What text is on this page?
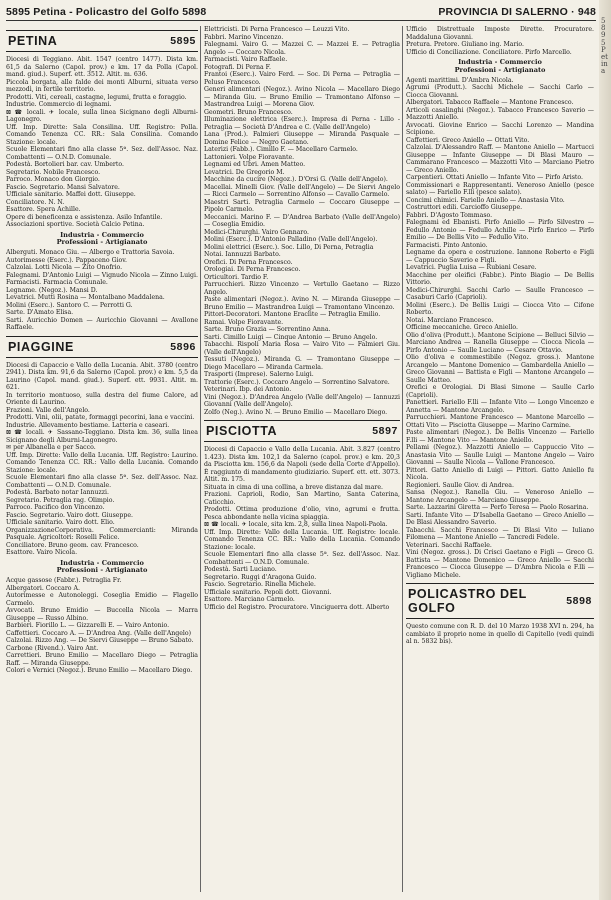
5895 Petina - Policastro del Golfo 5898	PROVINCIA DI SALERNO · 948
PETINA	5895

Diocesi di Teggiano. Abit. 1547 (centro 1477). Dista km. 61,5 da Salerno (Capol. prov.) e km. 17 da Polla (Capol. mand. giud.). Superf. ett. 3512. Altit. m. 636.
Piccola borgata, alle falde dei monti Alburni, situata verso mezzodì, in fertile territorio.
Prodotti. Viti, cereali, castagne, legumi, frutta e foraggio.
Industrie. Commercio di legnami.
⊠ ☎ locali. ✈ locale, sulla linea Sicignano degli Alburni-Lagonegro.
Uff. Imp. Dirette: Sala Consilina. Uff. Registro: Polla. Comando Tenenza CC. RR.: Sala Consilina. Comando Stazione: locale.
Scuole Elementari fino alla classe 5ª. Sez. dell'Assoc. Naz. Combattenti — O.N.D. Comunale.
Podestà. Bortolieri bar. cav. Umberto.
Segretario. Nobile Francesco.
Parroco. Monaco don Giorgio.
Fascio. Segretario. Mansi Salvatore.
Ufficiale sanitario. Maffei dott. Giuseppe.
Conciliatore. N. N.
Esattore. Spera Achille.
Opere di beneficenza e assistenza. Asilo Infantile.
Associazioni sportive. Società Calcio Petina.

Industria - Commercio
Professioni - Artigianato

Alberguti. Monaco Giu. — Albergo e Trattoria Savoia.
Autorimesse (Eserc.). Pappaceno Giov.
Calzolai. Lotti Nicola — Zito Onofrio.
Falegnami. D'Antonio Luigi — Vignudo Nicola — Zinno Luigi.
Farmacisti. Farmacia Comunale.
Legname. (Negoz.). Mansi D.
Levatrici. Mutti Rosina — Montalbano Maddalena.
Molini (Eserc.). Santoro C. — Perrotti G.
Sarte. D'Amato Elisa.
Sarti. Auricchio Domen — Auricchio Giovanni — Avallone Raffaele.

PIAGGINE	5896

Diocesi di Capaccio e Vallo della Lucania. Abit. 3780 (centro 2941). Dista km. 91,6 da Salerno (Capol. prov.) e km. 5,5 da Laurino (Capol. mand. giud.). Superf. ett. 9931. Altit. m. 621.
In territorio montuoso, sulla destra del fiume Calore, ad Oriente di Laurino.
Frazioni. Valle dell'Angelo.
Prodotti. Vini, olii, patate, formaggi pecorini, lana e vaccini.
Industrie. Allevamento bestiame. Latteria e caseari.
⊠ ☎ locali. ✈ Sassano-Teggiano. Dista km. 36, sulla linea Sicignano degli Alburni-Lagonegro.
✉ per Albanella e per Sacco.
Uff. Imp. Dirette: Vallo della Lucania. Uff. Registro: Laurino. Comando Tenenza CC. RR.: Vallo della Lucania. Comando Stazione: locale.
Scuole Elementari fino alla classe 5ª. Sez. dell'Assoc. Naz. Combattenti — O.N.D. Comunale.
Podestà. Barbato notar Iannuzzi.
Segretario. Petraglia rag. Olimpio.
Parroco. Pacifico don Vincenzo.
Fascio. Segretario. Vairo dott. Giuseppe.
Ufficiale sanitario. Vairo dott. Elio.
OrganizzazioneCorporativa. Commercianti: Miranda Pasquale. Agricoltori: Roselli Felice.
Conciliatore. Bruno geom. cav. Francesco.
Esattore. Vairo Nicola.

Industria - Commercio
Professioni - Artigianato

Acque gassose (Fabbr.). Petraglia Fr.
Albergatori. Coccaro A.
Autorimesse e Autonoleggi. Coseglia Emidio — Flagello Carmelo.
Avvocati. Bruno Emidio — Buccella Nicola — Marra Giuseppe — Russo Albino.
Barbieri. Fiorillo L. — Gizzarelli E. — Vairo Antonio.
Caffettieri. Coccaro A. — D'Andrea Ang. (Valle dell'Angelo)
Calzolai. Rizzo Ang. — De Siervi Giuseppe — Bruno Sabato.
Carbone (Rivend.). Vairo Ant.
Carrettieri. Bruno Emilio — Macellaro Diego — Petraglia Raff. — Miranda Giuseppe.
Colori e Vernici (Negoz.). Bruno Emilio — Macellaro Diego.

Elettricisti. Di Perna Francesco — Leuzzi Vito.
Fabbri. Marino Vincenzo.
Falegnami. Vairo G. — Mazzei C. — Mazzei E. — Petraglia Angelo — Coccaro Nicola.
Farmacisti. Vairo Raffaele.
Fotografi. Di Perna F.
Frantoi (Eserc.). Vairo Ferd. — Soc. Di Perna — Petraglia — Peluso Francesco.
Generi alimentari (Negoz.). Avino Nicola — Macellaro Diego — Miranda Giu. — Bruno Emilio — Tramontano Alfonso — Mastrandrea Luigi — Morena Giov.
Geometri. Bruno Francesco.
Illuminazione elettrica (Eserc.). Impresa di Perna - Lillo - Petraglia — Società D'Andrea e C. (Valle dell'Angelo)
Lana (Prod.). Falmieri Giuseppe — Miranda Pasquale — Domine Felice — Negro Gaetano.
Laterizi (Fabb.). Cimillo F. — Macellaro Carmelo.
Lattonieri. Volpe Fioravante.
Legnami ed Ubri. Amen Matteo.
Levatrici. De Gregorio M.
Macchine da cucire (Negoz.). D'Orsi G. (Valle dell'Angelo).
Macellai. Minelli Giov. (Valle dell'Angelo) — De Siervi Angelo — Ricci Carmelo — Sorrentino Alfonso — Cavallo Carmelo.
Maestri Sarti. Petraglia Carmelo — Coccaro Giuseppe — Pipolo Carmelo.
Meccanici. Marino F. — D'Andrea Barbato (Valle dell'Angelo) — Coseglia Emidio.
Medici-Chirurghi. Vairo Gennaro.
Molini (Eserc.). D'Antonio Palladino (Valle dell'Angelo).
Molini elettrici (Eserc.). Soc. Lillo, Di Perna, Petraglia
Notai. Iannuzzi Barbato.
Orefici. Di Perna Francesco.
Orologiai. Di Perna Francesco.
Orticultori. Tardio F.
Parrucchieri. Rizzo Vincenzo — Vertullo Gaetano — Rizzo Angelo.
Paste alimentari (Negoz.). Avino N. — Miranda Giuseppe — Bruno Emilio — Mastrandrea Luigi — Tramontano Vincenzo.
Pittori-Decoratori. Mantone Eraclite — Petraglia Emilio.
Ramai. Volpe Fioravante.
Sarte. Bruno Grazia — Sorrentino Anna.
Sarti. Cimillo Luigi — Cinque Antonio — Bruno Angelo.
Tabacchi. Rispoli Maria Rosa — Vairo Vito — Falmieri Giu. (Valle dell'Angelo)
Tessuti (Negoz.). Miranda G. — Tramontano Giuseppe — Diego Macellaro — Miranda Carmela.
Trasporti (Imprese). Salerno Luigi.
Trattorie (Eserc.). Coccaro Angelo — Sorrentino Salvatore.
Veterinari. Ibp. dei Antonio.
Vini (Negoz.). D'Andrea Angelo (Valle dell'Angelo) — Iannuzzi Giovanni (Valle dell'Angelo).
Zolfo (Neg.). Avino N. — Bruno Emilio — Macellaro Diego.

PISCIOTTA	5897

Diocesi di Capaccio e Vallo della Lucania. Abit. 3.827 (centro 1.423). Dista km. 102,1 da Salerno (capol. prov.) e km. 20,3 da Pisciotta km. 156,6 da Napoli (sede della Corte d'Appello). È raggiunto di mandamento giudiziario. Superf. ett. ett. 3073. Altit. m. 175.
Situata in cima di una collina, a breve distanza dal mare.
Frazioni. Caprioli, Rodio, San Martino, Santa Caterina, Caticchio.
Prodotti. Ottima produzione d'olio, vino, agrumi e frutta. Pesca abbondante nella vicina spiaggia.
⊠ ☎ locali. ✈ locale, sita km. 2,8, sulla linea Napoli-Paola.
Uff. Imp. Dirette: Vallo della Lucania. Uff. Registro: locale. Comando Tenenza CC. RR.: Vallo della Lucania. Comando Stazione: locale.
Scuole Elementari fino alla classe 5ª. Sez. dell'Assoc. Naz. Combattenti — O.N.D. Comunale.
Podestà. Sarti Luciano.
Segretario. Ruggi d'Aragona Guido.
Fascio. Segretario. Rinella Michele.
Ufficiale sanitario. Pepoli dott. Giovanni.
Esattore. Marciano Carmelo.
Ufficio del Registro. Procuratore. Vinciguerra dott. Alberto

Ufficio Distrettuale Imposte Dirette. Procuratore. Maddaluna Giovanni.
Pretura. Pretore. Giuliano ing. Mario.
Ufficio di Conciliazione. Conciliatore. Pirfo Marcello.

Industria - Commercio
Professioni - Artigianato

Agenti marittimi. D'Ambra Nicola.
Agrumi (Produtt.). Sacchi Michele — Sacchi Carlo — Ciocca Giovanni.
Albergatori. Tabacco Raffaele — Mantone Francesco.
Articoli casalinghi (Negoz.). Tabacco Francesco Saverio — Mazzotti Aniello.
Avvocati. Giovine Enrico — Sacchi Lorenzo — Mandina Scipione.
Caffettieri. Greco Aniello — Ottati Vito.
Calzolai. D'Alessandro Raff. — Mantone Aniello — Martucci Giuseppe — Infante Giuseppe — Di Blasi Mauro — Cammarano Francesco — Mazzotti Vito — Marciano Pietro — Greco Aniello.
Carpentieri. Ottati Aniello — Infante Vito — Pirfo Aristo.
Commissionari e Rappresentanti. Veneroso Aniello (pesce salato) — Fariello F.lli (pesce salato).
Concimi chimici. Fariello Aniello — Anastasia Vito.
Costruttori edili. Carcioffo Giuseppe.
Fabbri. D'Agosto Tommaso.
Falegnami ed Ebanisti. Pirfo Aniello — Pirfo Silvestro — Fedullo Antonio — Fedullo Achille — Pirfo Enrico — Pirfo Emilio — De Bellis Vito — Fedullo Vito.
Farmacisti. Pinto Antonio.
Legname da opera e costruzione. Iannone Roberto e Figli — Cappuccio Saverio e Figli.
Levatrici. Puglia Luisa — Rubiani Cesare.
Macchine per oleifici (Fabbr.). Pinto Biagio — De Bellis Vittorio.
Medici-Chirurghi. Sacchi Carlo — Saulle Francesco — Casaburi Carlo (Caprioli).
Molini (Eserc.). De Bellis Luigi — Ciocca Vito — Cifone Roberto.
Notai. Marciano Francesco.
Officine meccaniche. Greco Aniello.
Olio d'oliva (Produtt.). Mantone Scipione — Belluci Silvio — Marciano Andrea — Ranella Giuseppe — Ciocca Nicola — Pirfo Antonio — Saulle Luciano — Cesare Ottavio.
Olio d'oliva e commestibile (Negoz. gross.). Mantone Arcangelo — Mantone Domenico — Gambardella Aniello — Greco Giovanni — Battista e Figli — Mantone Arcangelo — Saulle Matteo.
Orefici e Orologiai. Di Blasi Simone — Saulle Carlo (Caprioli).
Panettieri. Fariello F.lli — Infante Vito — Longo Vincenzo e Annetta — Mantone Arcangelo.
Parrucchieri. Mantone Francesco — Mantone Marcello — Ottati Vito — Pisciotta Giuseppe — Marino Carmine.
Paste alimentari (Negoz.). De Bellis Vincenzo — Fariello F.lli — Mantone Vito — Mantone Aniello.
Pellami (Negoz.). Mazzotti Aniello — Cappuccio Vito — Anastasia Vito — Saulle Luigi — Mantone Angelo — Vairo Giovanni — Saulle Nicola — Vallone Francesco.
Pittori. Gatto Aniello di Luigi — Pittori. Gatto Aniello fu Nicola.
Regionieri. Saulle Giov. di Andrea.
Sansa (Negoz.). Ranella Giu. — Veneroso Aniello — Mantone Arcangelo — Marciano Giuseppe.
Sarte. Lazzarini Giretta — Perfo Teresa — Paolo Rosarina.
Sarti. Infante Vito — D'Isabella Gaetano — Greco Aniello — De Blasi Alessandro Saverio.
Tabacchi. Sacchi Francesco — Di Blasi Vito — Iuliano Filomena — Mantone Aniello — Tancredi Fedele.
Veterinari. Sacchi Raffaele.
Vini (Negoz. gross.). Di Crisci Gaetano e Figli — Greco G. Battista — Mantone Domenico — Greco Aniello — Sacchi Francesco — Ciocca Giuseppe — D'Ambra Nicola e F.lli — Vigliano Michele.

POLICASTRO DEL GOLFO	5898

Questo comune con R. D. del 10 Marzo 1938 XVI n. 294, ha cambiato il proprio nome in quello di Capitello (vedi quindi al n. 5832 bis).

5895 Petina
